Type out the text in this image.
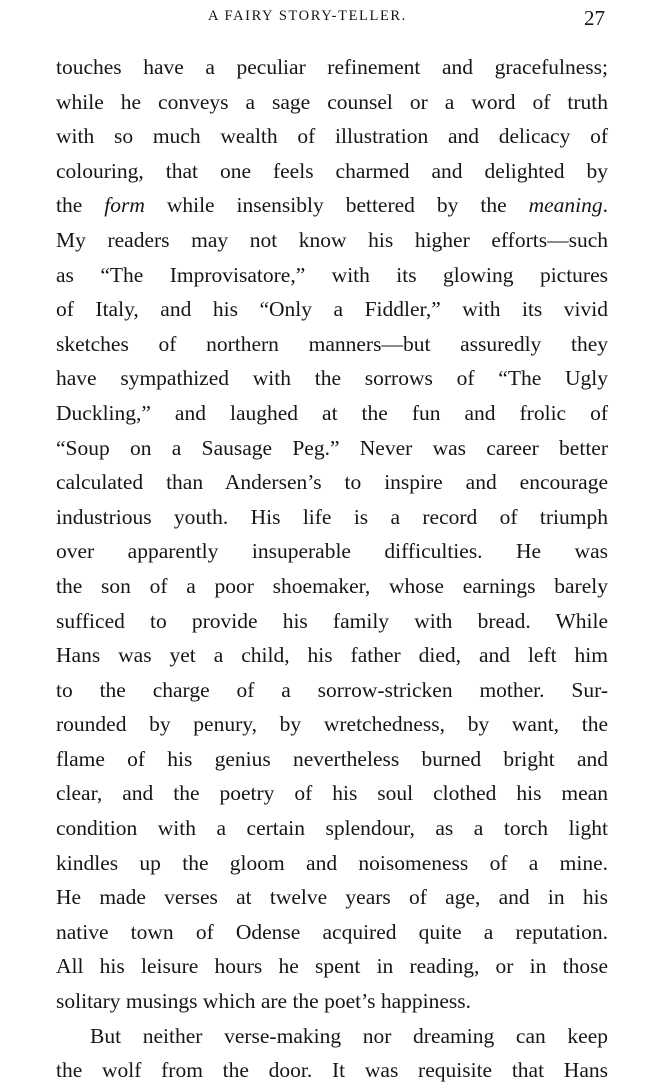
A FAIRY STORY-TELLER.	27
touches have a peculiar refinement and gracefulness;
while he conveys a sage counsel or a word of truth
with so much wealth of illustration and delicacy of
colouring, that one feels charmed and delighted by
the form while insensibly bettered by the meaning.
My readers may not know his higher efforts—such
as “The Improvisatore,” with its glowing pictures
of Italy, and his “Only a Fiddler,” with its vivid
sketches of northern manners—but assuredly they
have sympathized with the sorrows of “The Ugly
Duckling,” and laughed at the fun and frolic of
“Soup on a Sausage Peg.” Never was career better
calculated than Andersen’s to inspire and encourage
industrious youth. His life is a record of triumph
over apparently insuperable difficulties. He was
the son of a poor shoemaker, whose earnings barely
sufficed to provide his family with bread. While
Hans was yet a child, his father died, and left him
to the charge of a sorrow-stricken mother. Sur-
rounded by penury, by wretchedness, by want, the
flame of his genius nevertheless burned bright and
clear, and the poetry of his soul clothed his mean
condition with a certain splendour, as a torch light
kindles up the gloom and noisomeness of a mine.
He made verses at twelve years of age, and in his
native town of Odense acquired quite a reputation.
All his leisure hours he spent in reading, or in those
solitary musings which are the poet’s happiness.
But neither verse-making nor dreaming can keep
the wolf from the door. It was requisite that Hans
